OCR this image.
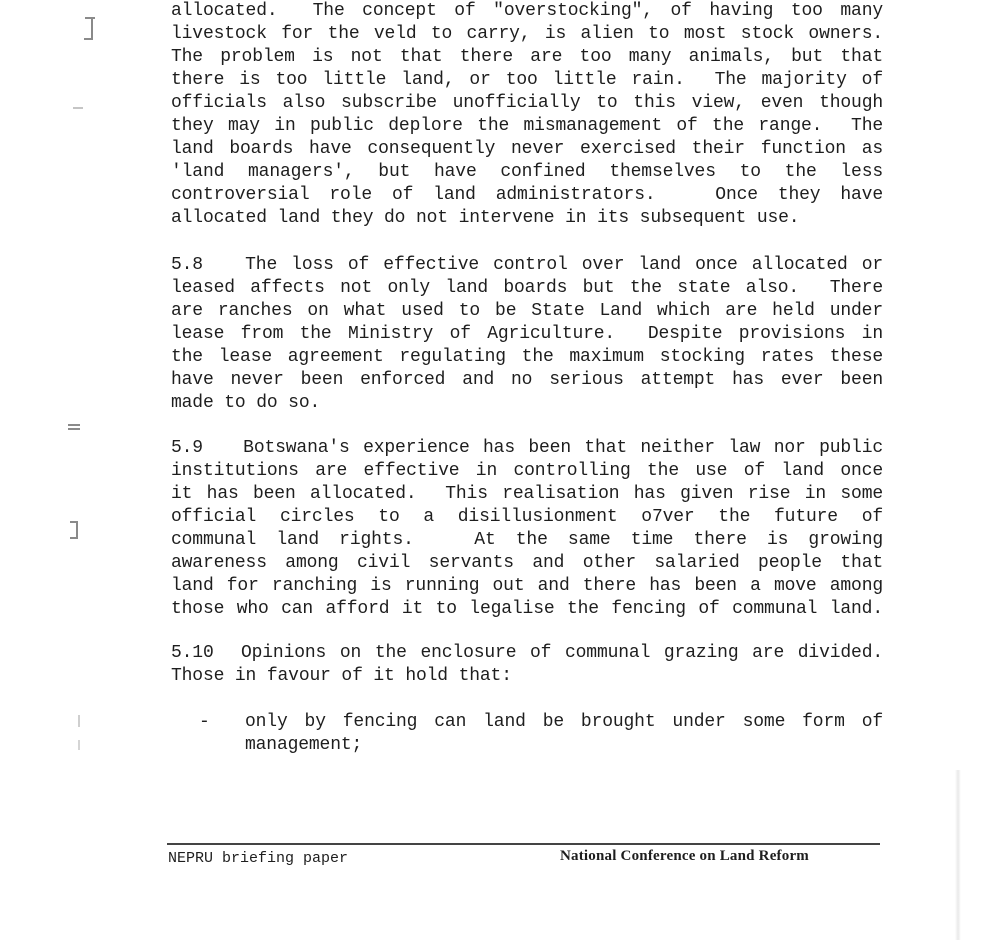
allocated.  The concept of "overstocking", of having too many
livestock for the veld to carry, is alien to most stock owners.
The problem is not that there are too many animals, but that
there is too little land, or too little rain.  The majority of
officials also subscribe unofficially to this view, even though
they may in public deplore the mismanagement of the range.  The
land boards have consequently never exercised their function as
'land managers', but have confined themselves to the less
controversial role of land administrators.   Once they have
allocated land they do not intervene in its subsequent use.
5.8   The loss of effective control over land once allocated or
leased affects not only land boards but the state also.  There
are ranches on what used to be State Land which are held under
lease from the Ministry of Agriculture.  Despite provisions in
the lease agreement regulating the maximum stocking rates these
have never been enforced and no serious attempt has ever been
made to do so.
5.9   Botswana's experience has been that neither law nor public
institutions are effective in controlling the use of land once
it has been allocated.  This realisation has given rise in some
official circles to a disillusionment o7ver the future of
communal land rights.   At the same time there is growing
awareness among civil servants and other salaried people that
land for ranching is running out and there has been a move among
those who can afford it to legalise the fencing of communal land.
5.10  Opinions on the enclosure of communal grazing are divided.
Those in favour of it hold that:
- only by fencing can land be brought under some form of
management;
NEPRU briefing paper	National Conference on Land Reform
